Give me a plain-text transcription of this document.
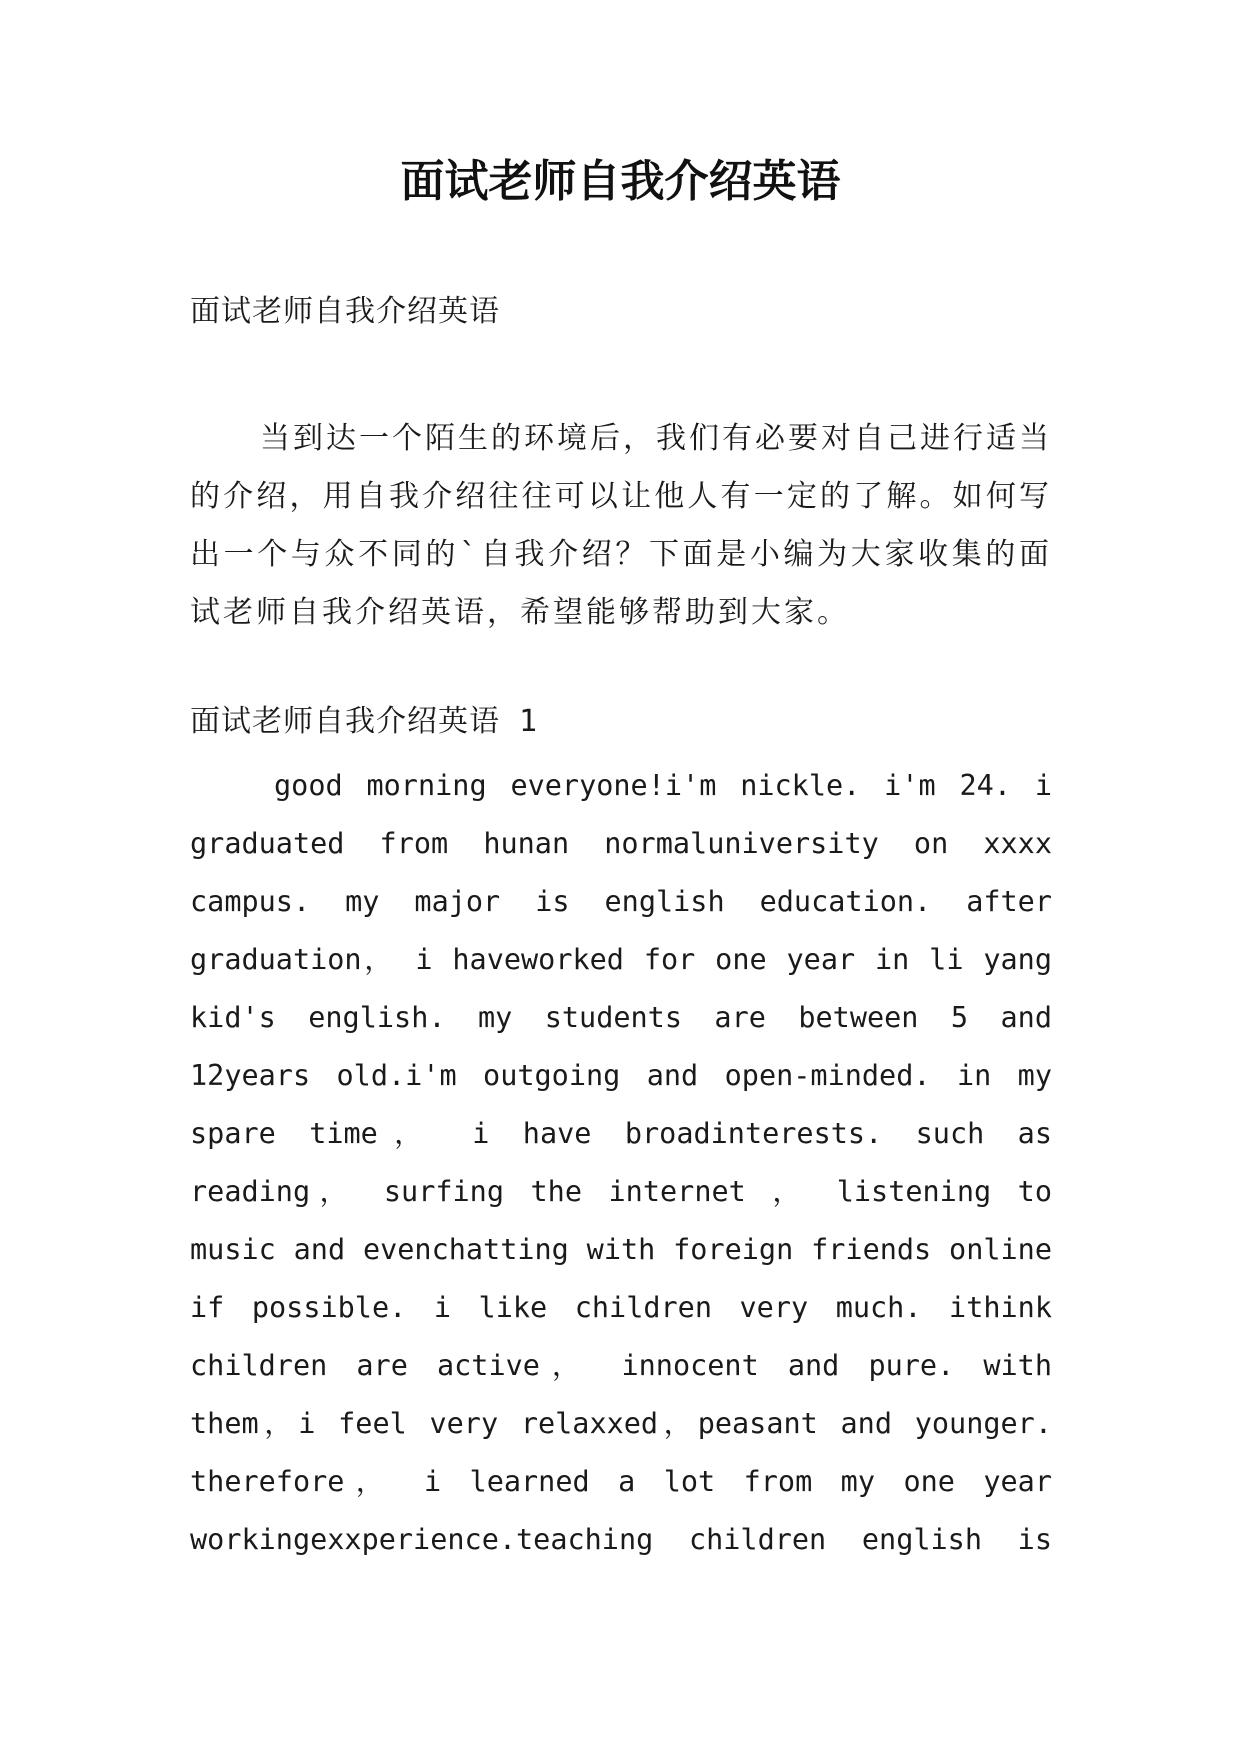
面试老师自我介绍英语

面试老师自我介绍英语

当到达一个陌生的环境后，我们有必要对自己进行适当的介绍，用自我介绍往往可以让他人有一定的了解。如何写出一个与众不同的`自我介绍？下面是小编为大家收集的面试老师自我介绍英语，希望能够帮助到大家。

面试老师自我介绍英语 1

good morning everyone!i'm nickle. i'm 24. i graduated from hunan normaluniversity on xxxx campus. my major is english education. after graduation， i haveworked for one year in li yang kid's english. my students are between 5 and 12years old.i'm outgoing and open-minded. in my spare time， i have broadinterests. such as reading， surfing the internet ， listening to music and evenchatting with foreign friends online if possible. i like children very much. ithink children are active， innocent and pure. with them，i feel very relaxxed，peasant and younger. therefore， i learned a lot from my one year workingexxperience.teaching children english is
